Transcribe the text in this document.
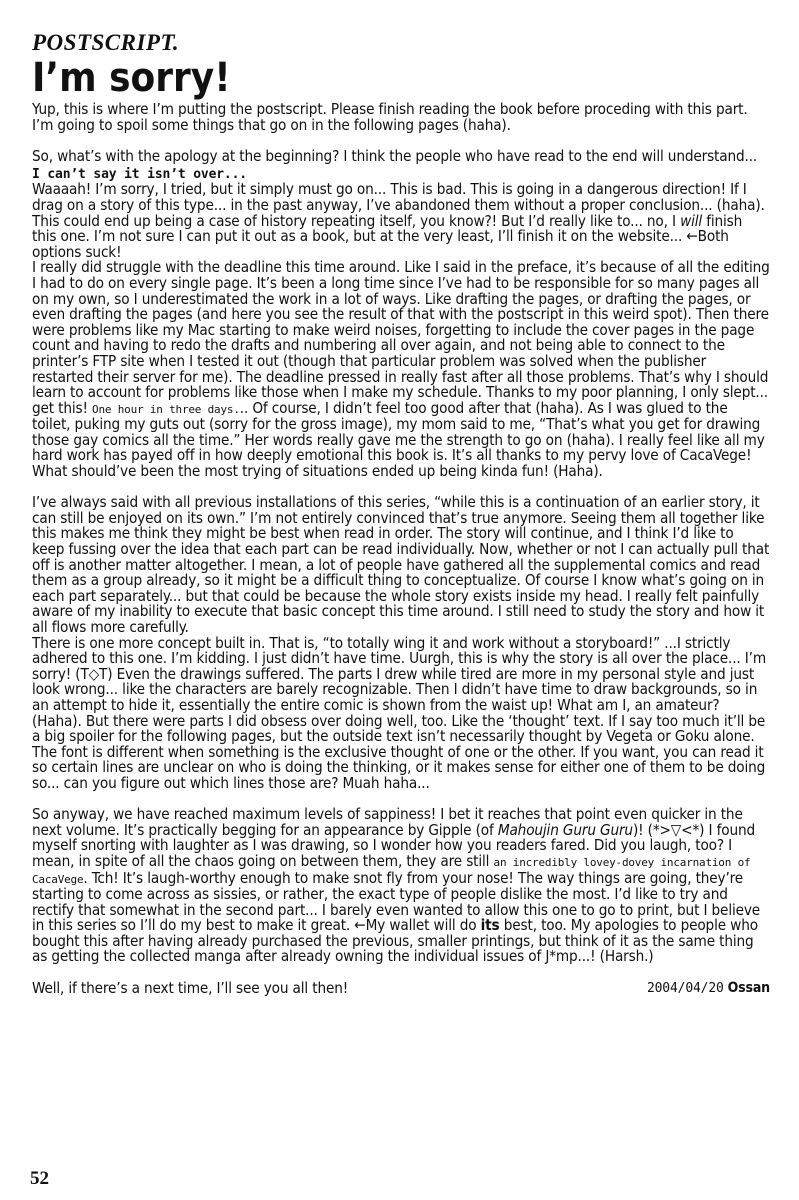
POSTSCRIPT.
I’m sorry!

Yup, this is where I’m putting the postscript. Please finish reading the book before proceding with this part. I’m going to spoil some things that go on in the following pages (haha).

So, what’s with the apology at the beginning? I think the people who have read to the end will understand...

I can’t say it isn’t over...

Waaaah! I’m sorry, I tried, but it simply must go on... This is bad. This is going in a dangerous direction! If I drag on a story of this type... in the past anyway, I’ve abandoned them without a proper conclusion... (haha). This could end up being a case of history repeating itself, you know?! But I’d really like to... no, I will finish this one. I’m not sure I can put it out as a book, but at the very least, I’ll finish it on the website... ←Both options suck!

I really did struggle with the deadline this time around. Like I said in the preface, it’s because of all the editing I had to do on every single page. It’s been a long time since I’ve had to be responsible for so many pages all on my own, so I underestimated the work in a lot of ways. Like drafting the pages, or drafting the pages, or even drafting the pages (and here you see the result of that with the postscript in this weird spot). Then there were problems like my Mac starting to make weird noises, forgetting to include the cover pages in the page count and having to redo the drafts and numbering all over again, and not being able to connect to the printer’s FTP site when I tested it out (though that particular problem was solved when the publisher restarted their server for me). The deadline pressed in really fast after all those problems. That’s why I should learn to account for problems like those when I make my schedule. Thanks to my poor planning, I only slept... get this! One hour in three days... Of course, I didn’t feel too good after that (haha). As I was glued to the toilet, puking my guts out (sorry for the gross image), my mom said to me, “That’s what you get for drawing those gay comics all the time.” Her words really gave me the strength to go on (haha). I really feel like all my hard work has payed off in how deeply emotional this book is. It’s all thanks to my pervy love of CacaVege! What should’ve been the most trying of situations ended up being kinda fun! (Haha).

I’ve always said with all previous installations of this series, “while this is a continuation of an earlier story, it can still be enjoyed on its own.” I’m not entirely convinced that’s true anymore. Seeing them all together like this makes me think they might be best when read in order. The story will continue, and I think I’d like to keep fussing over the idea that each part can be read individually. Now, whether or not I can actually pull that off is another matter altogether. I mean, a lot of people have gathered all the supplemental comics and read them as a group already, so it might be a difficult thing to conceptualize. Of course I know what’s going on in each part separately... but that could be because the whole story exists inside my head. I really felt painfully aware of my inability to execute that basic concept this time around. I still need to study the story and how it all flows more carefully.

There is one more concept built in. That is, “to totally wing it and work without a storyboard!” ...I strictly adhered to this one. I’m kidding. I just didn’t have time. Uurgh, this is why the story is all over the place... I’m sorry! (T◇T) Even the drawings suffered. The parts I drew while tired are more in my personal style and just look wrong... like the characters are barely recognizable. Then I didn’t have time to draw backgrounds, so in an attempt to hide it, essentially the entire comic is shown from the waist up! What am I, an amateur? (Haha). But there were parts I did obsess over doing well, too. Like the ‘thought’ text. If I say too much it’ll be a big spoiler for the following pages, but the outside text isn’t necessarily thought by Vegeta or Goku alone. The font is different when something is the exclusive thought of one or the other. If you want, you can read it so certain lines are unclear on who is doing the thinking, or it makes sense for either one of them to be doing so... can you figure out which lines those are? Muah haha...

So anyway, we have reached maximum levels of sappiness! I bet it reaches that point even quicker in the next volume. It’s practically begging for an appearance by Gipple (of Mahoujin Guru Guru)! (*>▽<*) I found myself snorting with laughter as I was drawing, so I wonder how you readers fared. Did you laugh, too? I mean, in spite of all the chaos going on between them, they are still an incredibly lovey-dovey incarnation of CacaVege. Tch! It’s laugh-worthy enough to make snot fly from your nose! The way things are going, they’re starting to come across as sissies, or rather, the exact type of people dislike the most. I’d like to try and rectify that somewhat in the second part... I barely even wanted to allow this one to go to print, but I believe in this series so I’ll do my best to make it great. ←My wallet will do its best, too. My apologies to people who bought this after having already purchased the previous, smaller printings, but think of it as the same thing as getting the collected manga after already owning the individual issues of J*mp...! (Harsh.)

Well, if there’s a next time, I’ll see you all then!	2004/04/20 Ossan
52
